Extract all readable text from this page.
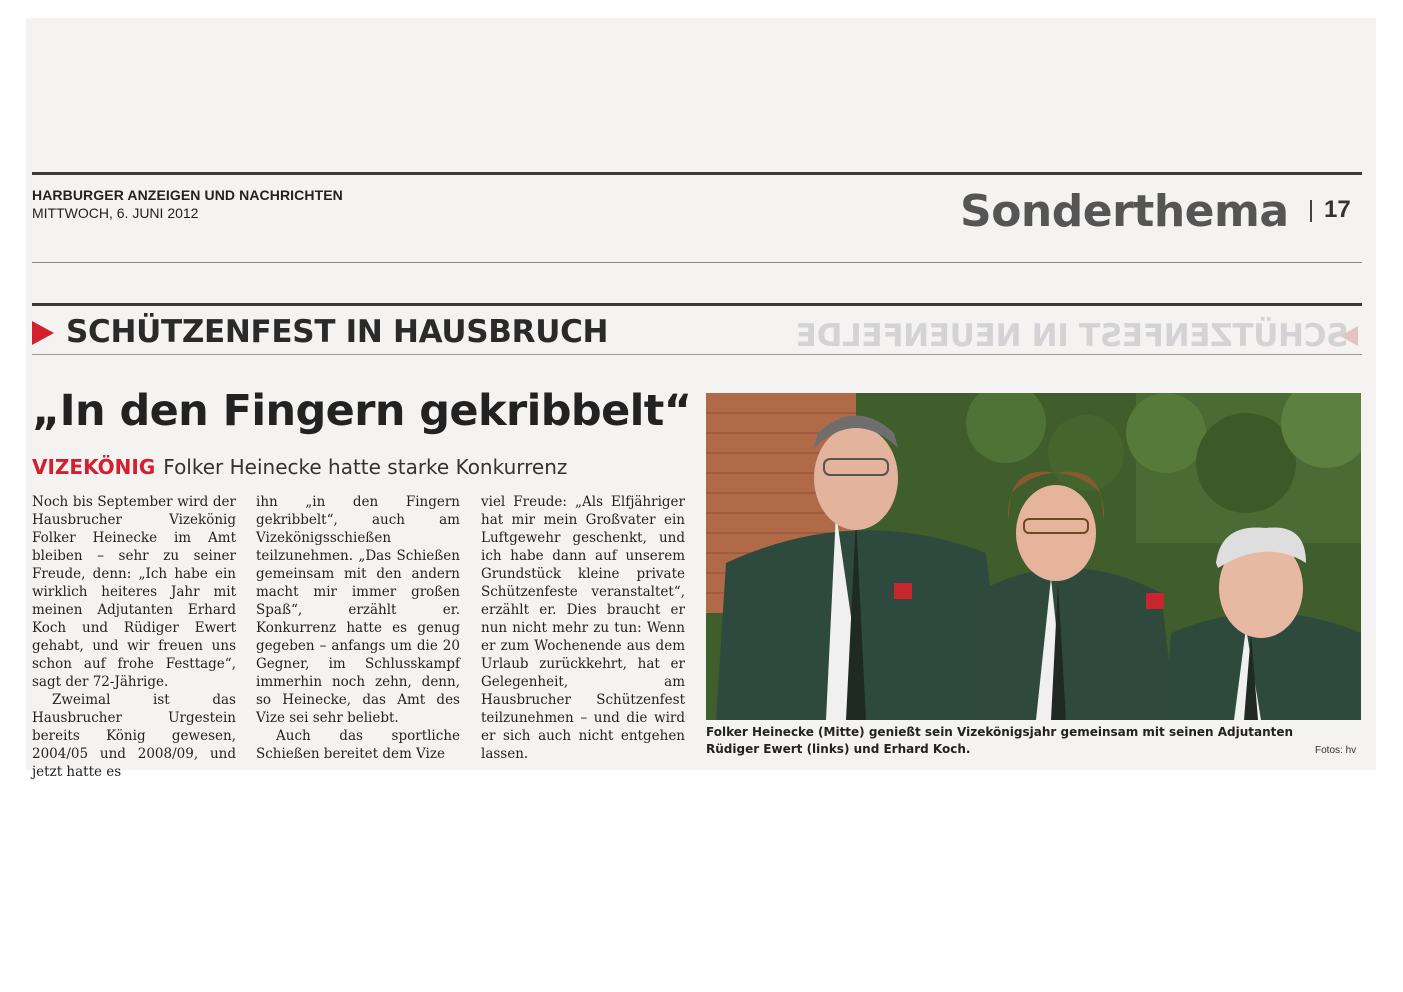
HARBURGER ANZEIGEN UND NACHRICHTEN
MITTWOCH, 6. JUNI 2012	Sonderthema 17
SCHÜTZENFEST IN HAUSBRUCH	SCHÜTZENFEST IN NEUENFELDE
„In den Fingern gekribbelt“
VIZEKÖNIG Folker Heinecke hatte starke Konkurrenz

Noch bis September wird der Hausbrucher Vizekönig Folker Heinecke im Amt bleiben – sehr zu seiner Freude, denn: „Ich habe ein wirklich heiteres Jahr mit meinen Adjutanten Erhard Koch und Rüdiger Ewert gehabt, und wir freuen uns schon auf frohe Festtage“, sagt der 72-Jährige.

Zweimal ist das Hausbrucher Urgestein bereits König gewesen, 2004/05 und 2008/09, und jetzt hatte es

ihn „in den Fingern gekribbelt“, auch am Vizekönigsschießen teilzunehmen. „Das Schießen gemeinsam mit den andern macht mir immer großen Spaß“, erzählt er. Konkurrenz hatte es genug gegeben – anfangs um die 20 Gegner, im Schlusskampf immerhin noch zehn, denn, so Heinecke, das Amt des Vize sei sehr beliebt.

Auch das sportliche Schießen bereitet dem Vize

viel Freude: „Als Elfjähriger hat mir mein Großvater ein Luftgewehr geschenkt, und ich habe dann auf unserem Grundstück kleine private Schützenfeste veranstaltet“, erzählt er. Dies braucht er nun nicht mehr zu tun: Wenn er zum Wochenende aus dem Urlaub zurückkehrt, hat er Gelegenheit, am Hausbrucher Schützenfest teilzunehmen – und die wird er sich auch nicht entgehen lassen.

Folker Heinecke (Mitte) genießt sein Vizekönigsjahr gemeinsam mit seinen Adjutanten Rüdiger Ewert (links) und Erhard Koch.	Fotos: hv
